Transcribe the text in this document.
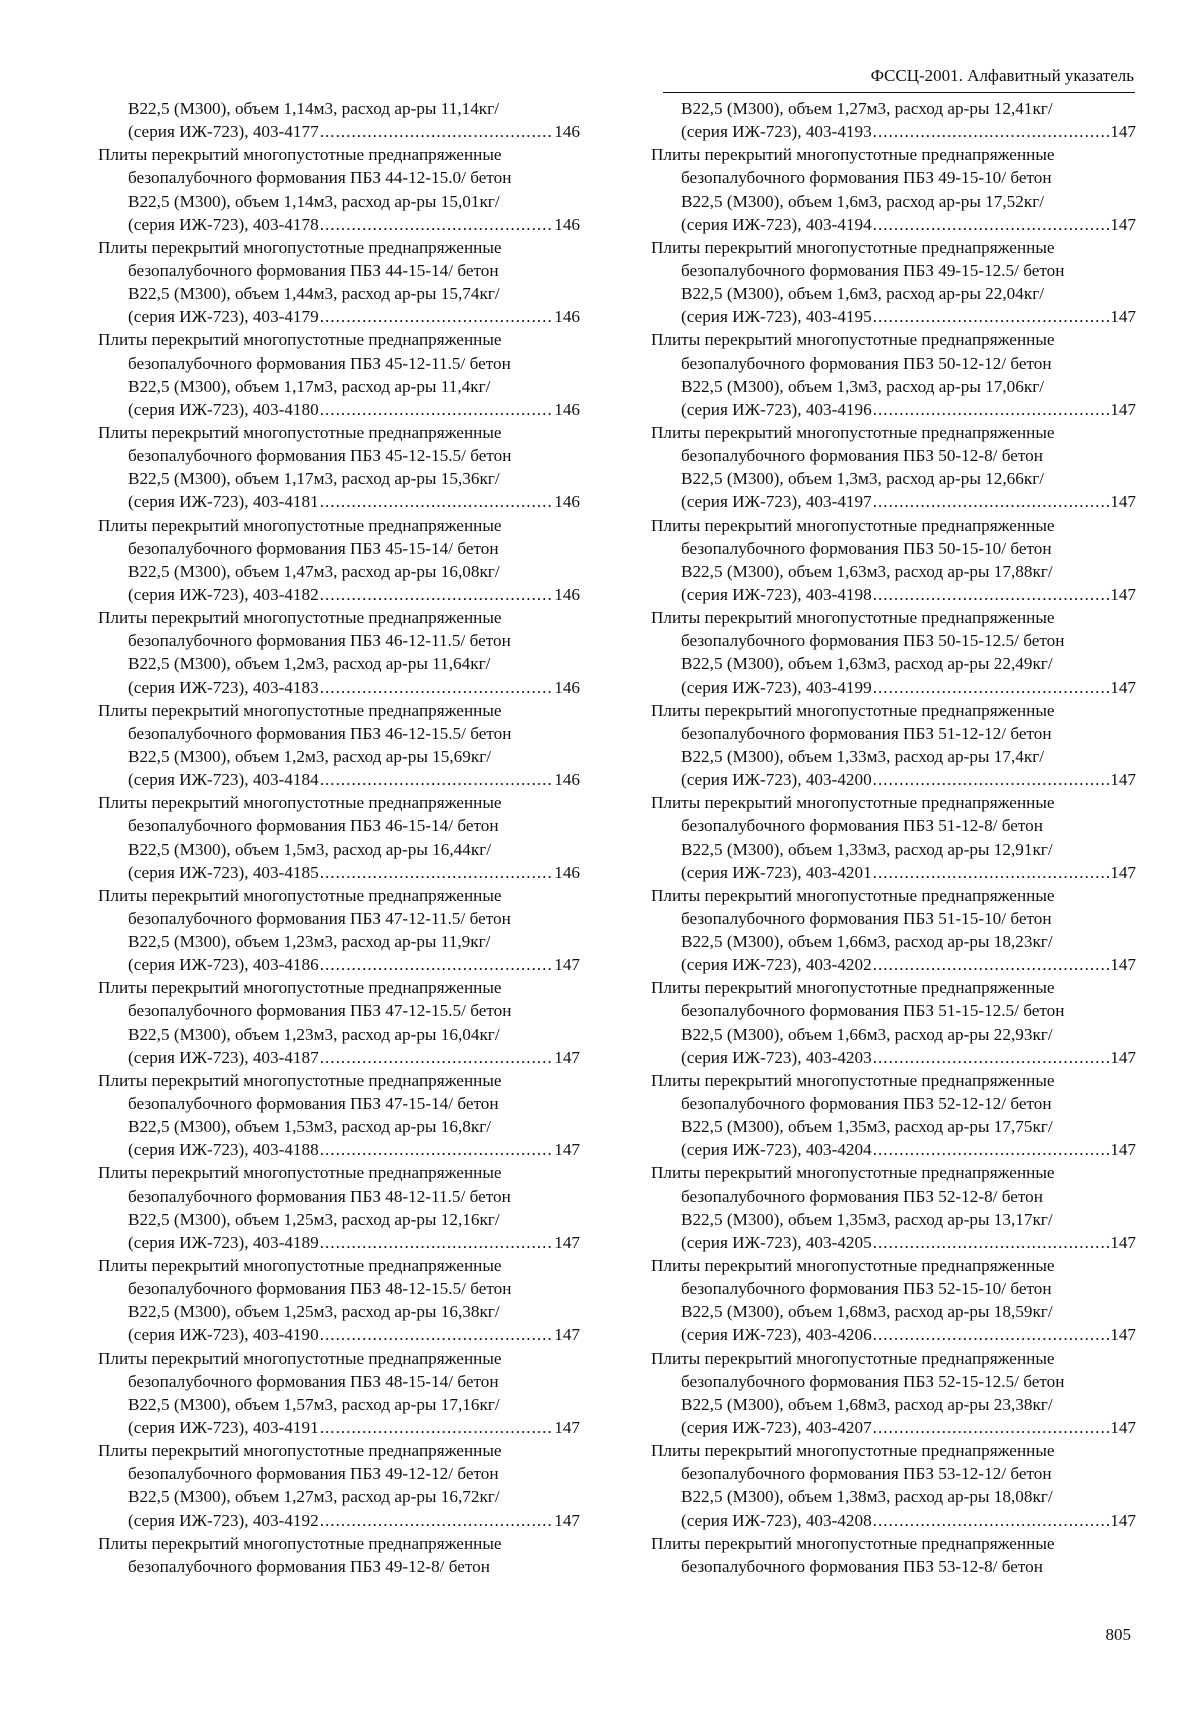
ФССЦ-2001. Алфавитный указатель
В22,5 (М300), объем 1,14м3, расход ар-ры 11,14кг/
(серия ИЖ-723), 403-4177 .....	146
Плиты перекрытий многопустотные преднапряженные
безопалубочного формования ПБЗ 44-12-15.0/ бетон
В22,5 (М300), объем 1,14м3, расход ар-ры 15,01кг/
(серия ИЖ-723), 403-4178 .....	146
Плиты перекрытий многопустотные преднапряженные
безопалубочного формования ПБЗ 44-15-14/ бетон
В22,5 (М300), объем 1,44м3, расход ар-ры 15,74кг/
(серия ИЖ-723), 403-4179 .....	146
Плиты перекрытий многопустотные преднапряженные
безопалубочного формования ПБЗ 45-12-11.5/ бетон
В22,5 (М300), объем 1,17м3, расход ар-ры 11,4кг/
(серия ИЖ-723), 403-4180 .....	146
Плиты перекрытий многопустотные преднапряженные
безопалубочного формования ПБЗ 45-12-15.5/ бетон
В22,5 (М300), объем 1,17м3, расход ар-ры 15,36кг/
(серия ИЖ-723), 403-4181 .....	146
Плиты перекрытий многопустотные преднапряженные
безопалубочного формования ПБЗ 45-15-14/ бетон
В22,5 (М300), объем 1,47м3, расход ар-ры 16,08кг/
(серия ИЖ-723), 403-4182 .....	146
Плиты перекрытий многопустотные преднапряженные
безопалубочного формования ПБЗ 46-12-11.5/ бетон
В22,5 (М300), объем 1,2м3, расход ар-ры 11,64кг/
(серия ИЖ-723), 403-4183 .....	146
Плиты перекрытий многопустотные преднапряженные
безопалубочного формования ПБЗ 46-12-15.5/ бетон
В22,5 (М300), объем 1,2м3, расход ар-ры 15,69кг/
(серия ИЖ-723), 403-4184 .....	146
Плиты перекрытий многопустотные преднапряженные
безопалубочного формования ПБЗ 46-15-14/ бетон
В22,5 (М300), объем 1,5м3, расход ар-ры 16,44кг/
(серия ИЖ-723), 403-4185 .....	146
Плиты перекрытий многопустотные преднапряженные
безопалубочного формования ПБЗ 47-12-11.5/ бетон
В22,5 (М300), объем 1,23м3, расход ар-ры 11,9кг/
(серия ИЖ-723), 403-4186 .....	147
Плиты перекрытий многопустотные преднапряженные
безопалубочного формования ПБЗ 47-12-15.5/ бетон
В22,5 (М300), объем 1,23м3, расход ар-ры 16,04кг/
(серия ИЖ-723), 403-4187 .....	147
Плиты перекрытий многопустотные преднапряженные
безопалубочного формования ПБЗ 47-15-14/ бетон
В22,5 (М300), объем 1,53м3, расход ар-ры 16,8кг/
(серия ИЖ-723), 403-4188 .....	147
Плиты перекрытий многопустотные преднапряженные
безопалубочного формования ПБЗ 48-12-11.5/ бетон
В22,5 (М300), объем 1,25м3, расход ар-ры 12,16кг/
(серия ИЖ-723), 403-4189 .....	147
Плиты перекрытий многопустотные преднапряженные
безопалубочного формования ПБЗ 48-12-15.5/ бетон
В22,5 (М300), объем 1,25м3, расход ар-ры 16,38кг/
(серия ИЖ-723), 403-4190 .....	147
Плиты перекрытий многопустотные преднапряженные
безопалубочного формования ПБЗ 48-15-14/ бетон
В22,5 (М300), объем 1,57м3, расход ар-ры 17,16кг/
(серия ИЖ-723), 403-4191 .....	147
Плиты перекрытий многопустотные преднапряженные
безопалубочного формования ПБЗ 49-12-12/ бетон
В22,5 (М300), объем 1,27м3, расход ар-ры 16,72кг/
(серия ИЖ-723), 403-4192 .....	147
Плиты перекрытий многопустотные преднапряженные
безопалубочного формования ПБЗ 49-12-8/ бетон
В22,5 (М300), объем 1,27м3, расход ар-ры 12,41кг/
(серия ИЖ-723), 403-4193 .....	147
Плиты перекрытий многопустотные преднапряженные
безопалубочного формования ПБЗ 49-15-10/ бетон
В22,5 (М300), объем 1,6м3, расход ар-ры 17,52кг/
(серия ИЖ-723), 403-4194 .....	147
Плиты перекрытий многопустотные преднапряженные
безопалубочного формования ПБЗ 49-15-12.5/ бетон
В22,5 (М300), объем 1,6м3, расход ар-ры 22,04кг/
(серия ИЖ-723), 403-4195 .....	147
Плиты перекрытий многопустотные преднапряженные
безопалубочного формования ПБЗ 50-12-12/ бетон
В22,5 (М300), объем 1,3м3, расход ар-ры 17,06кг/
(серия ИЖ-723), 403-4196 .....	147
Плиты перекрытий многопустотные преднапряженные
безопалубочного формования ПБЗ 50-12-8/ бетон
В22,5 (М300), объем 1,3м3, расход ар-ры 12,66кг/
(серия ИЖ-723), 403-4197 .....	147
Плиты перекрытий многопустотные преднапряженные
безопалубочного формования ПБЗ 50-15-10/ бетон
В22,5 (М300), объем 1,63м3, расход ар-ры 17,88кг/
(серия ИЖ-723), 403-4198 .....	147
Плиты перекрытий многопустотные преднапряженные
безопалубочного формования ПБЗ 50-15-12.5/ бетон
В22,5 (М300), объем 1,63м3, расход ар-ры 22,49кг/
(серия ИЖ-723), 403-4199 .....	147
Плиты перекрытий многопустотные преднапряженные
безопалубочного формования ПБЗ 51-12-12/ бетон
В22,5 (М300), объем 1,33м3, расход ар-ры 17,4кг/
(серия ИЖ-723), 403-4200 .....	147
Плиты перекрытий многопустотные преднапряженные
безопалубочного формования ПБЗ 51-12-8/ бетон
В22,5 (М300), объем 1,33м3, расход ар-ры 12,91кг/
(серия ИЖ-723), 403-4201 .....	147
Плиты перекрытий многопустотные преднапряженные
безопалубочного формования ПБЗ 51-15-10/ бетон
В22,5 (М300), объем 1,66м3, расход ар-ры 18,23кг/
(серия ИЖ-723), 403-4202 .....	147
Плиты перекрытий многопустотные преднапряженные
безопалубочного формования ПБЗ 51-15-12.5/ бетон
В22,5 (М300), объем 1,66м3, расход ар-ры 22,93кг/
(серия ИЖ-723), 403-4203 .....	147
Плиты перекрытий многопустотные преднапряженные
безопалубочного формования ПБЗ 52-12-12/ бетон
В22,5 (М300), объем 1,35м3, расход ар-ры 17,75кг/
(серия ИЖ-723), 403-4204 .....	147
Плиты перекрытий многопустотные преднапряженные
безопалубочного формования ПБЗ 52-12-8/ бетон
В22,5 (М300), объем 1,35м3, расход ар-ры 13,17кг/
(серия ИЖ-723), 403-4205 .....	147
Плиты перекрытий многопустотные преднапряженные
безопалубочного формования ПБЗ 52-15-10/ бетон
В22,5 (М300), объем 1,68м3, расход ар-ры 18,59кг/
(серия ИЖ-723), 403-4206 .....	147
Плиты перекрытий многопустотные преднапряженные
безопалубочного формования ПБЗ 52-15-12.5/ бетон
В22,5 (М300), объем 1,68м3, расход ар-ры 23,38кг/
(серия ИЖ-723), 403-4207 .....	147
Плиты перекрытий многопустотные преднапряженные
безопалубочного формования ПБЗ 53-12-12/ бетон
В22,5 (М300), объем 1,38м3, расход ар-ры 18,08кг/
(серия ИЖ-723), 403-4208 .....	147
Плиты перекрытий многопустотные преднапряженные
безопалубочного формования ПБЗ 53-12-8/ бетон
805
